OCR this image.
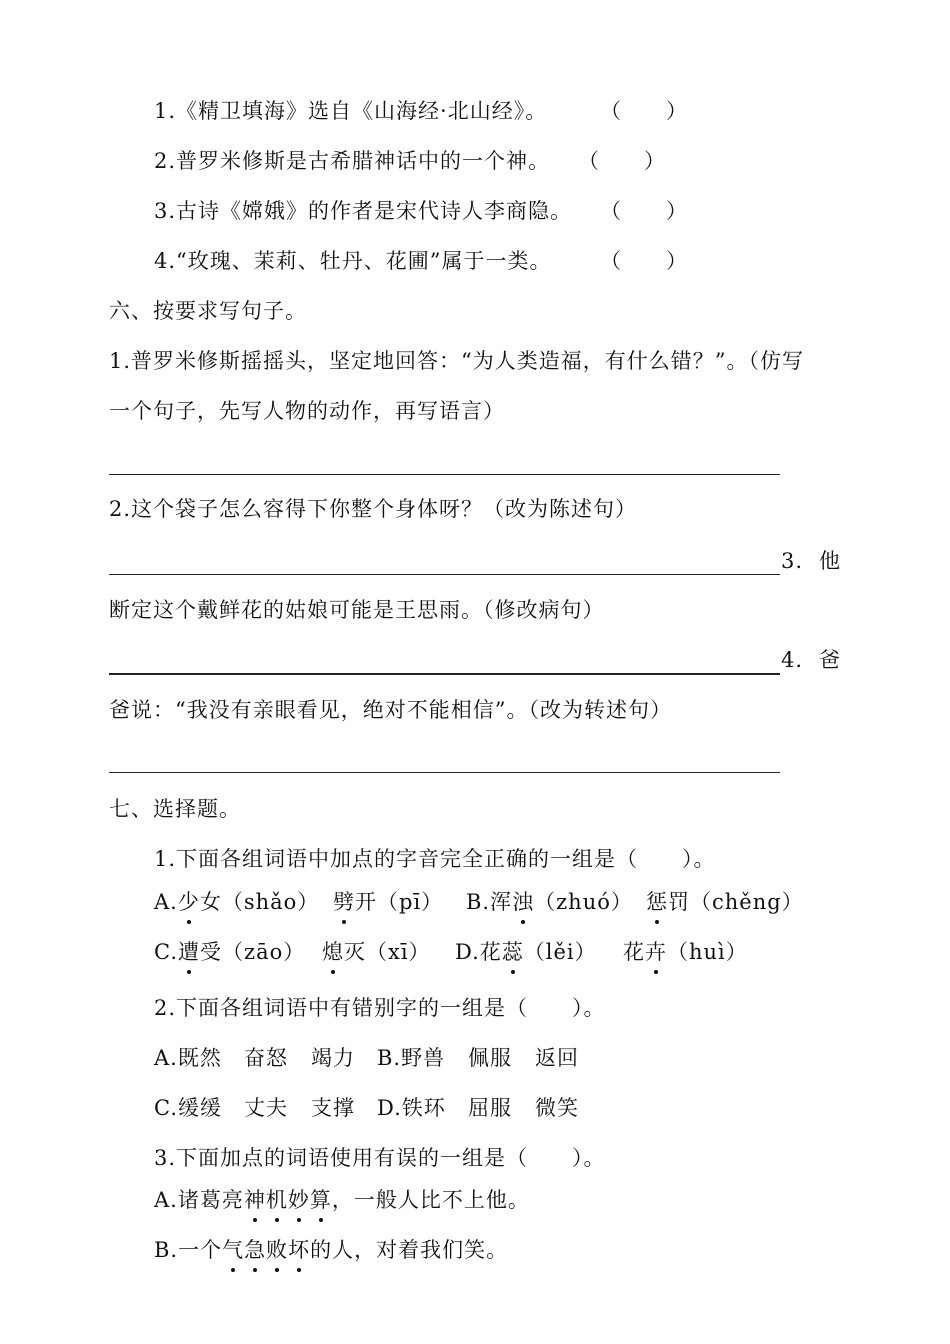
1.《精卫填海》选自《山海经·北山经》。	（　　）
2.普罗米修斯是古希腊神话中的一个神。 （　　）
3.古诗《嫦娥》的作者是宋代诗人李商隐。 （　　）
4.“玫瑰、茉莉、牡丹、花圃”属于一类。 （　　）
六、按要求写句子。
1.普罗米修斯摇摇头，坚定地回答：“为人类造福，有什么错？”。（仿写
一个句子，先写人物的动作，再写语言）
2.这个袋子怎么容得下你整个身体呀？（改为陈述句）
3. 他
断定这个戴鲜花的姑娘可能是王思雨。（修改病句）
4. 爸
爸说：“我没有亲眼看见，绝对不能相信”。（改为转述句）
七、选择题。
1.下面各组词语中加点的字音完全正确的一组是（　　）。
A.少女（shǎo） 劈开（pī） B.浑浊（zhuó） 惩罚（chěng）
C.遭受（zāo） 熄灭（xī） D.花蕊（lěi） 花卉（huì）
2.下面各组词语中有错别字的一组是（　　）。
A.既然 奋怒 竭力 B.野兽 佩服 返回
C.缓缓 丈夫 支撑 D.铁环 屈服 微笑
3.下面加点的词语使用有误的一组是（　　）。
A.诸葛亮神机妙算，一般人比不上他。
B.一个气急败坏的人，对着我们笑。
